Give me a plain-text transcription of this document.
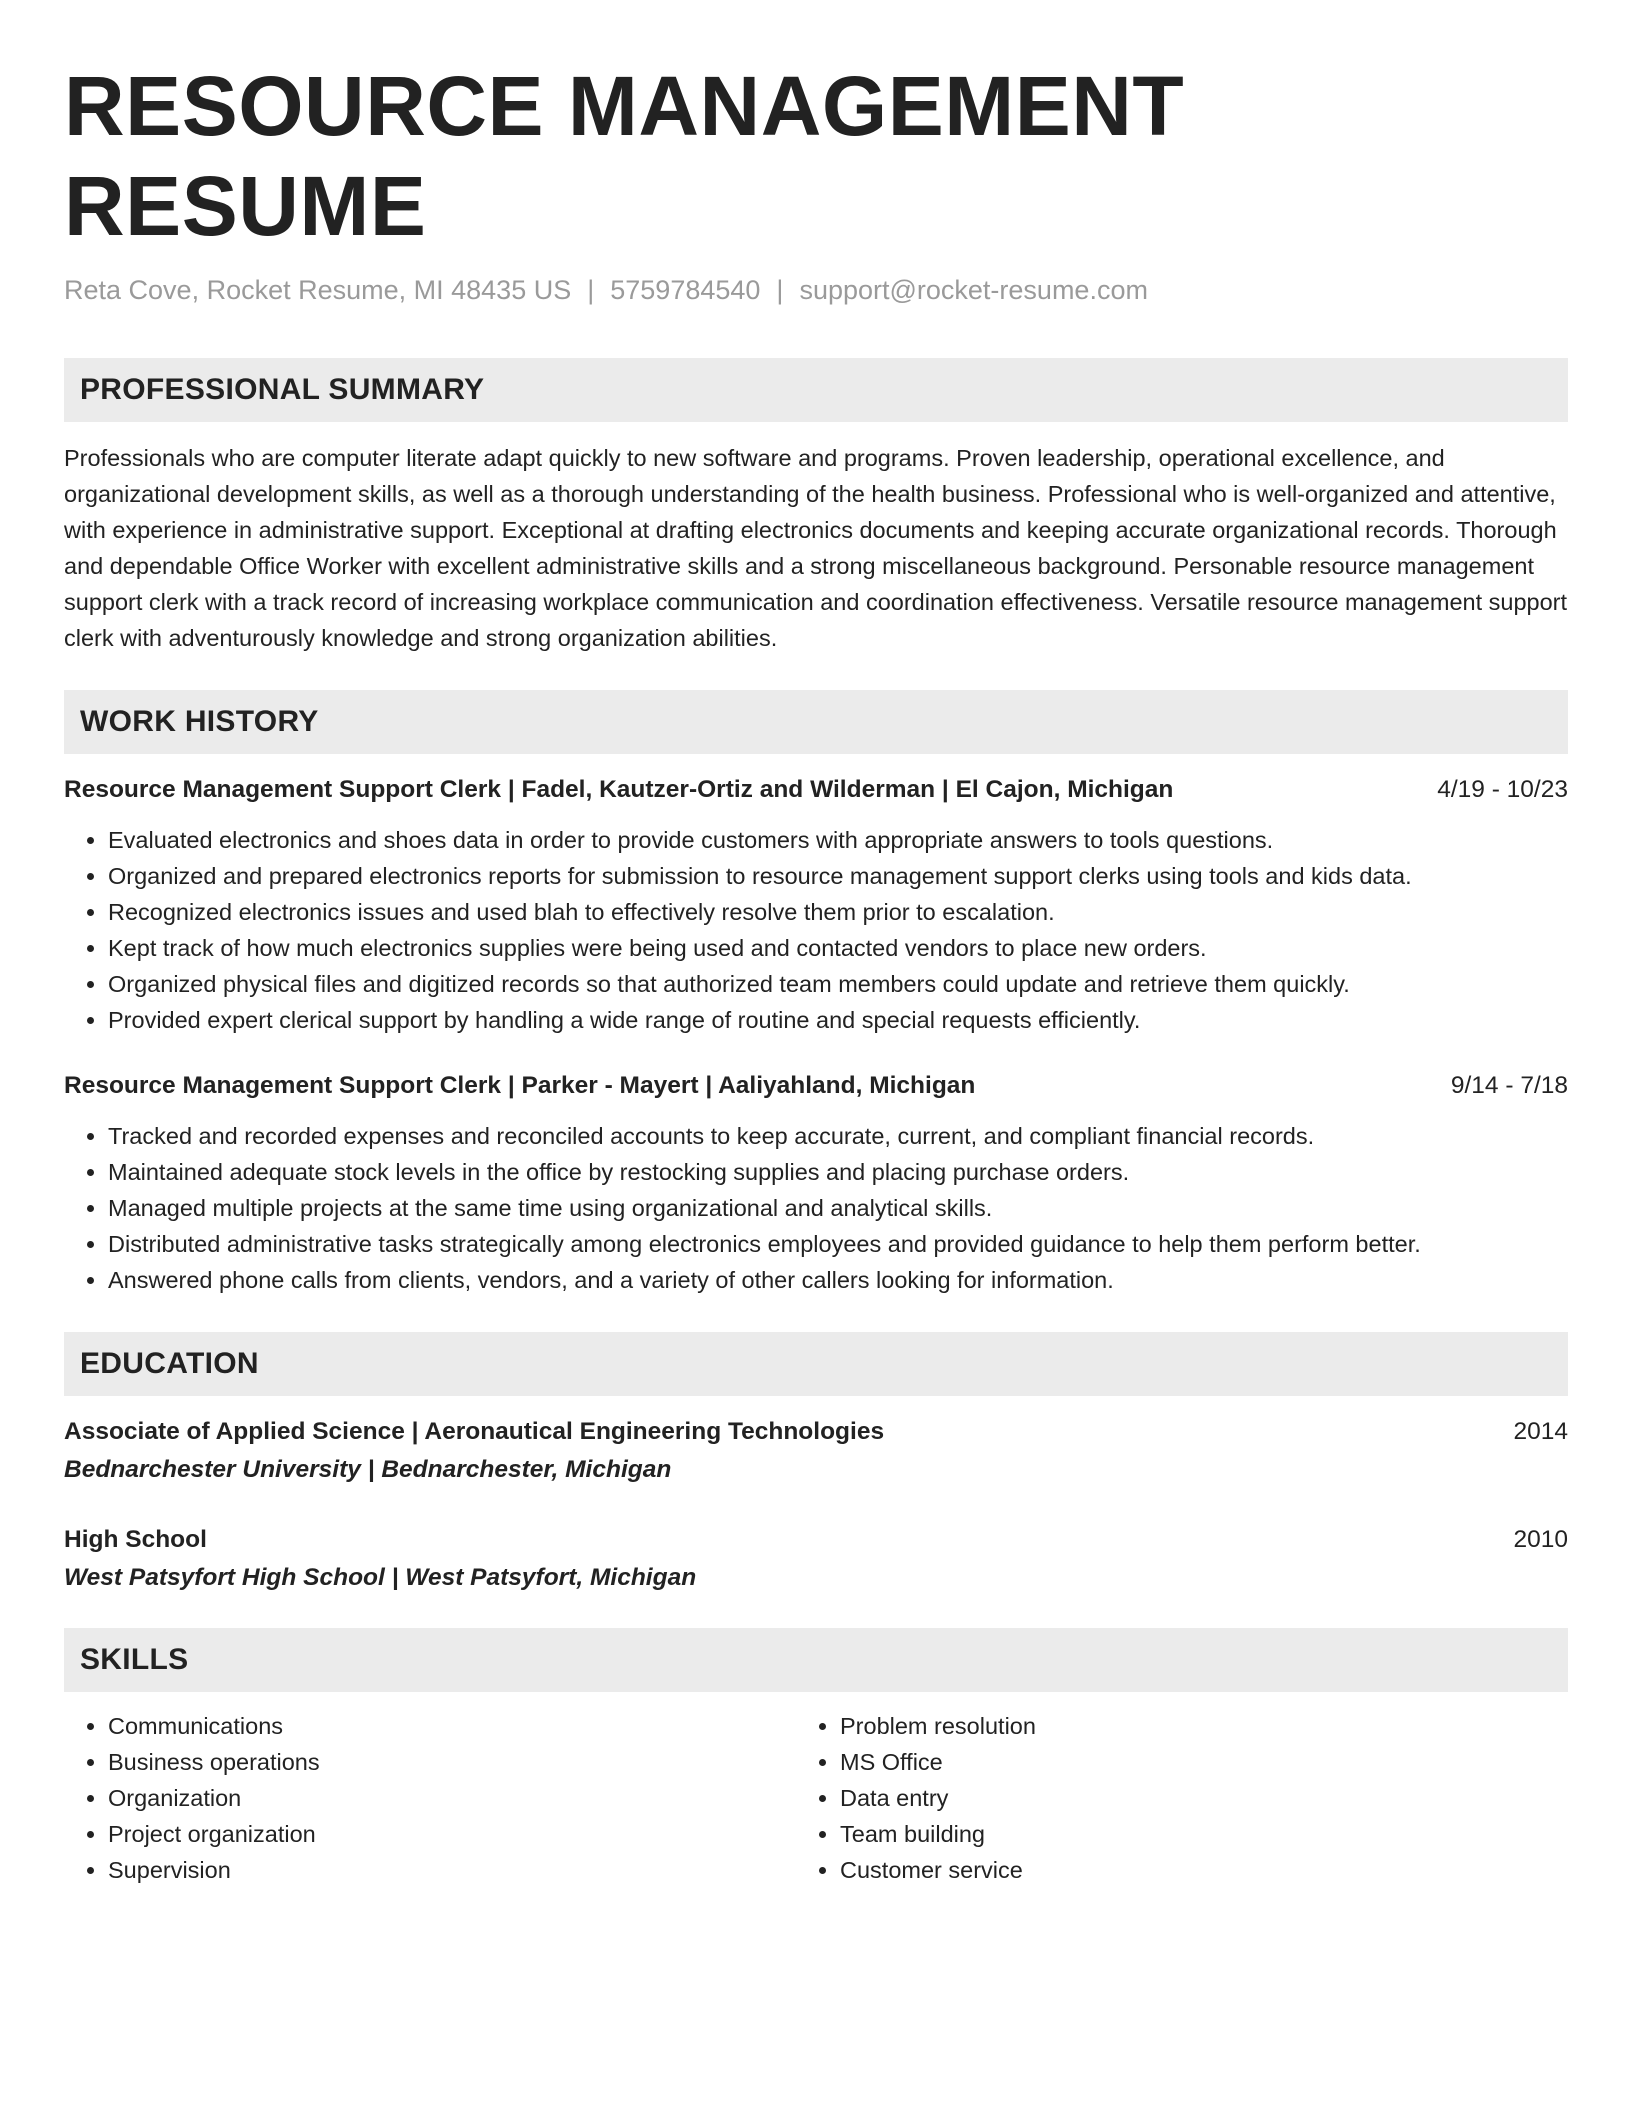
RESOURCE MANAGEMENT RESUME
Reta Cove, Rocket Resume, MI 48435 US | 5759784540 | support@rocket-resume.com
PROFESSIONAL SUMMARY

Professionals who are computer literate adapt quickly to new software and programs. Proven leadership, operational excellence, and organizational development skills, as well as a thorough understanding of the health business. Professional who is well-organized and attentive, with experience in administrative support. Exceptional at drafting electronics documents and keeping accurate organizational records. Thorough and dependable Office Worker with excellent administrative skills and a strong miscellaneous background. Personable resource management support clerk with a track record of increasing workplace communication and coordination effectiveness. Versatile resource management support clerk with adventurously knowledge and strong organization abilities.

WORK HISTORY
Resource Management Support Clerk | Fadel, Kautzer-Ortiz and Wilderman | El Cajon, Michigan	4/19 - 10/23
• Evaluated electronics and shoes data in order to provide customers with appropriate answers to tools questions.
• Organized and prepared electronics reports for submission to resource management support clerks using tools and kids data.
• Recognized electronics issues and used blah to effectively resolve them prior to escalation.
• Kept track of how much electronics supplies were being used and contacted vendors to place new orders.
• Organized physical files and digitized records so that authorized team members could update and retrieve them quickly.
• Provided expert clerical support by handling a wide range of routine and special requests efficiently.
Resource Management Support Clerk | Parker - Mayert | Aaliyahland, Michigan	9/14 - 7/18
• Tracked and recorded expenses and reconciled accounts to keep accurate, current, and compliant financial records.
• Maintained adequate stock levels in the office by restocking supplies and placing purchase orders.
• Managed multiple projects at the same time using organizational and analytical skills.
• Distributed administrative tasks strategically among electronics employees and provided guidance to help them perform better.
• Answered phone calls from clients, vendors, and a variety of other callers looking for information.
EDUCATION
Associate of Applied Science | Aeronautical Engineering Technologies	2014
Bednarchester University | Bednarchester, Michigan
High School	2010
West Patsyfort High School | West Patsyfort, Michigan
SKILLS
• Communications
• Business operations
• Organization
• Project organization
• Supervision
• Problem resolution
• MS Office
• Data entry
• Team building
• Customer service
